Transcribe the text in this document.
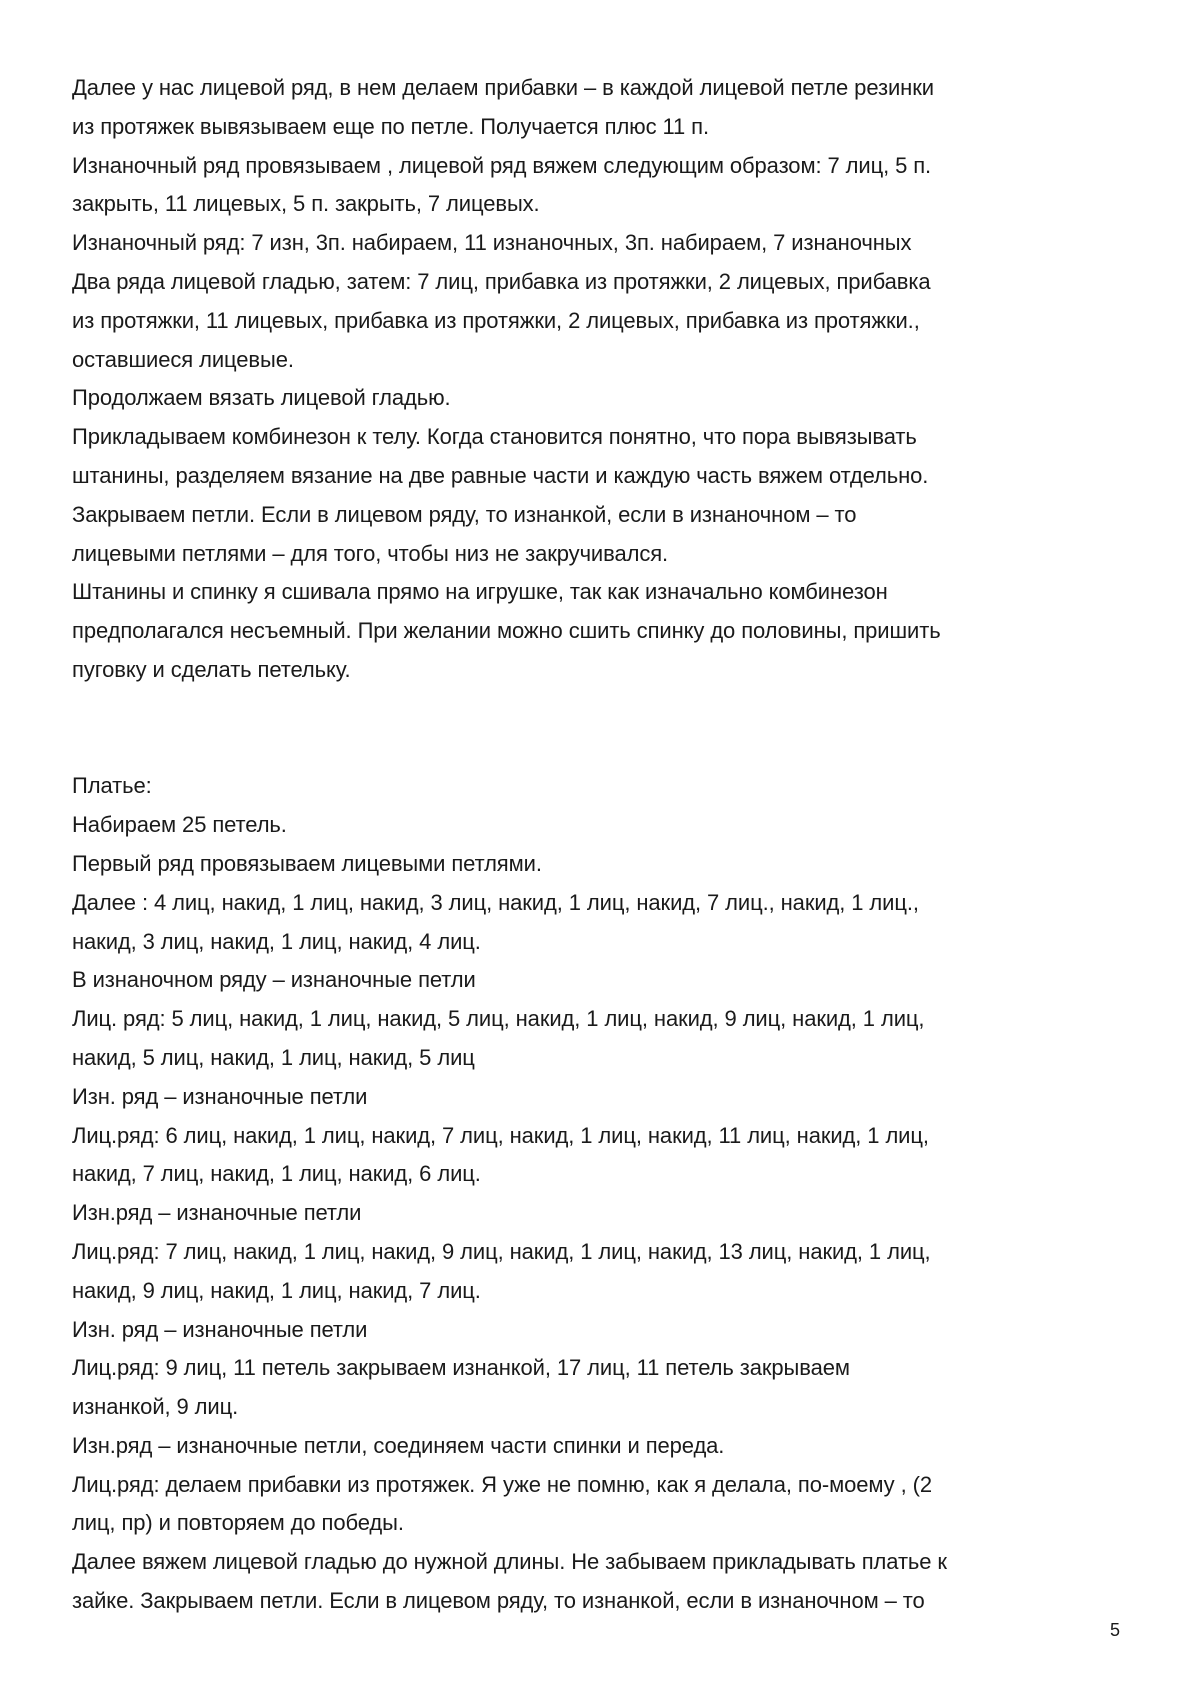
Далее у нас лицевой ряд, в нем делаем прибавки – в каждой лицевой петле резинки

из протяжек вывязываем еще по петле. Получается плюс 11 п.

Изнаночный ряд провязываем , лицевой ряд вяжем следующим образом: 7 лиц, 5 п.

закрыть, 11 лицевых, 5 п. закрыть, 7 лицевых.

Изнаночный ряд: 7 изн, 3п. набираем, 11 изнаночных, 3п. набираем, 7 изнаночных

Два ряда лицевой гладью, затем: 7 лиц, прибавка из протяжки, 2 лицевых, прибавка

из протяжки, 11 лицевых, прибавка из протяжки, 2 лицевых, прибавка из протяжки.,

оставшиеся лицевые.

Продолжаем вязать лицевой гладью.

Прикладываем комбинезон к телу. Когда становится понятно, что пора вывязывать

штанины, разделяем вязание на две равные части и каждую часть вяжем отдельно.

Закрываем петли. Если в лицевом ряду, то изнанкой, если в изнаночном – то

лицевыми петлями – для того, чтобы низ не закручивался.

Штанины и спинку я сшивала прямо на игрушке, так как изначально комбинезон

предполагался несъемный. При желании можно сшить спинку до половины, пришить

пуговку и сделать петельку.

Платье:

Набираем 25 петель.

Первый ряд провязываем лицевыми петлями.

Далее : 4 лиц, накид, 1 лиц, накид, 3 лиц, накид, 1 лиц, накид, 7 лиц., накид, 1 лиц.,

накид, 3 лиц, накид, 1 лиц, накид, 4 лиц.

В изнаночном ряду – изнаночные петли

Лиц. ряд: 5 лиц, накид, 1 лиц, накид, 5 лиц, накид, 1 лиц, накид, 9 лиц, накид, 1 лиц,

накид, 5 лиц, накид, 1 лиц, накид, 5 лиц

Изн. ряд – изнаночные петли

Лиц.ряд: 6 лиц, накид, 1 лиц, накид, 7 лиц, накид, 1 лиц, накид, 11 лиц, накид, 1 лиц,

накид, 7 лиц, накид, 1 лиц, накид, 6 лиц.

Изн.ряд – изнаночные петли

Лиц.ряд: 7 лиц, накид, 1 лиц, накид, 9 лиц, накид, 1 лиц, накид, 13 лиц, накид, 1 лиц,

накид, 9 лиц, накид, 1 лиц, накид, 7 лиц.

Изн. ряд – изнаночные петли

Лиц.ряд: 9 лиц, 11 петель закрываем изнанкой, 17 лиц, 11 петель закрываем

изнанкой, 9 лиц.

Изн.ряд – изнаночные петли, соединяем части спинки и переда.

Лиц.ряд: делаем прибавки из протяжек. Я уже не помню, как я делала, по-моему , (2

лиц, пр) и повторяем до победы.

Далее вяжем лицевой гладью до нужной длины. Не забываем прикладывать платье к

зайке. Закрываем петли. Если в лицевом ряду, то изнанкой, если в изнаночном – то

5
